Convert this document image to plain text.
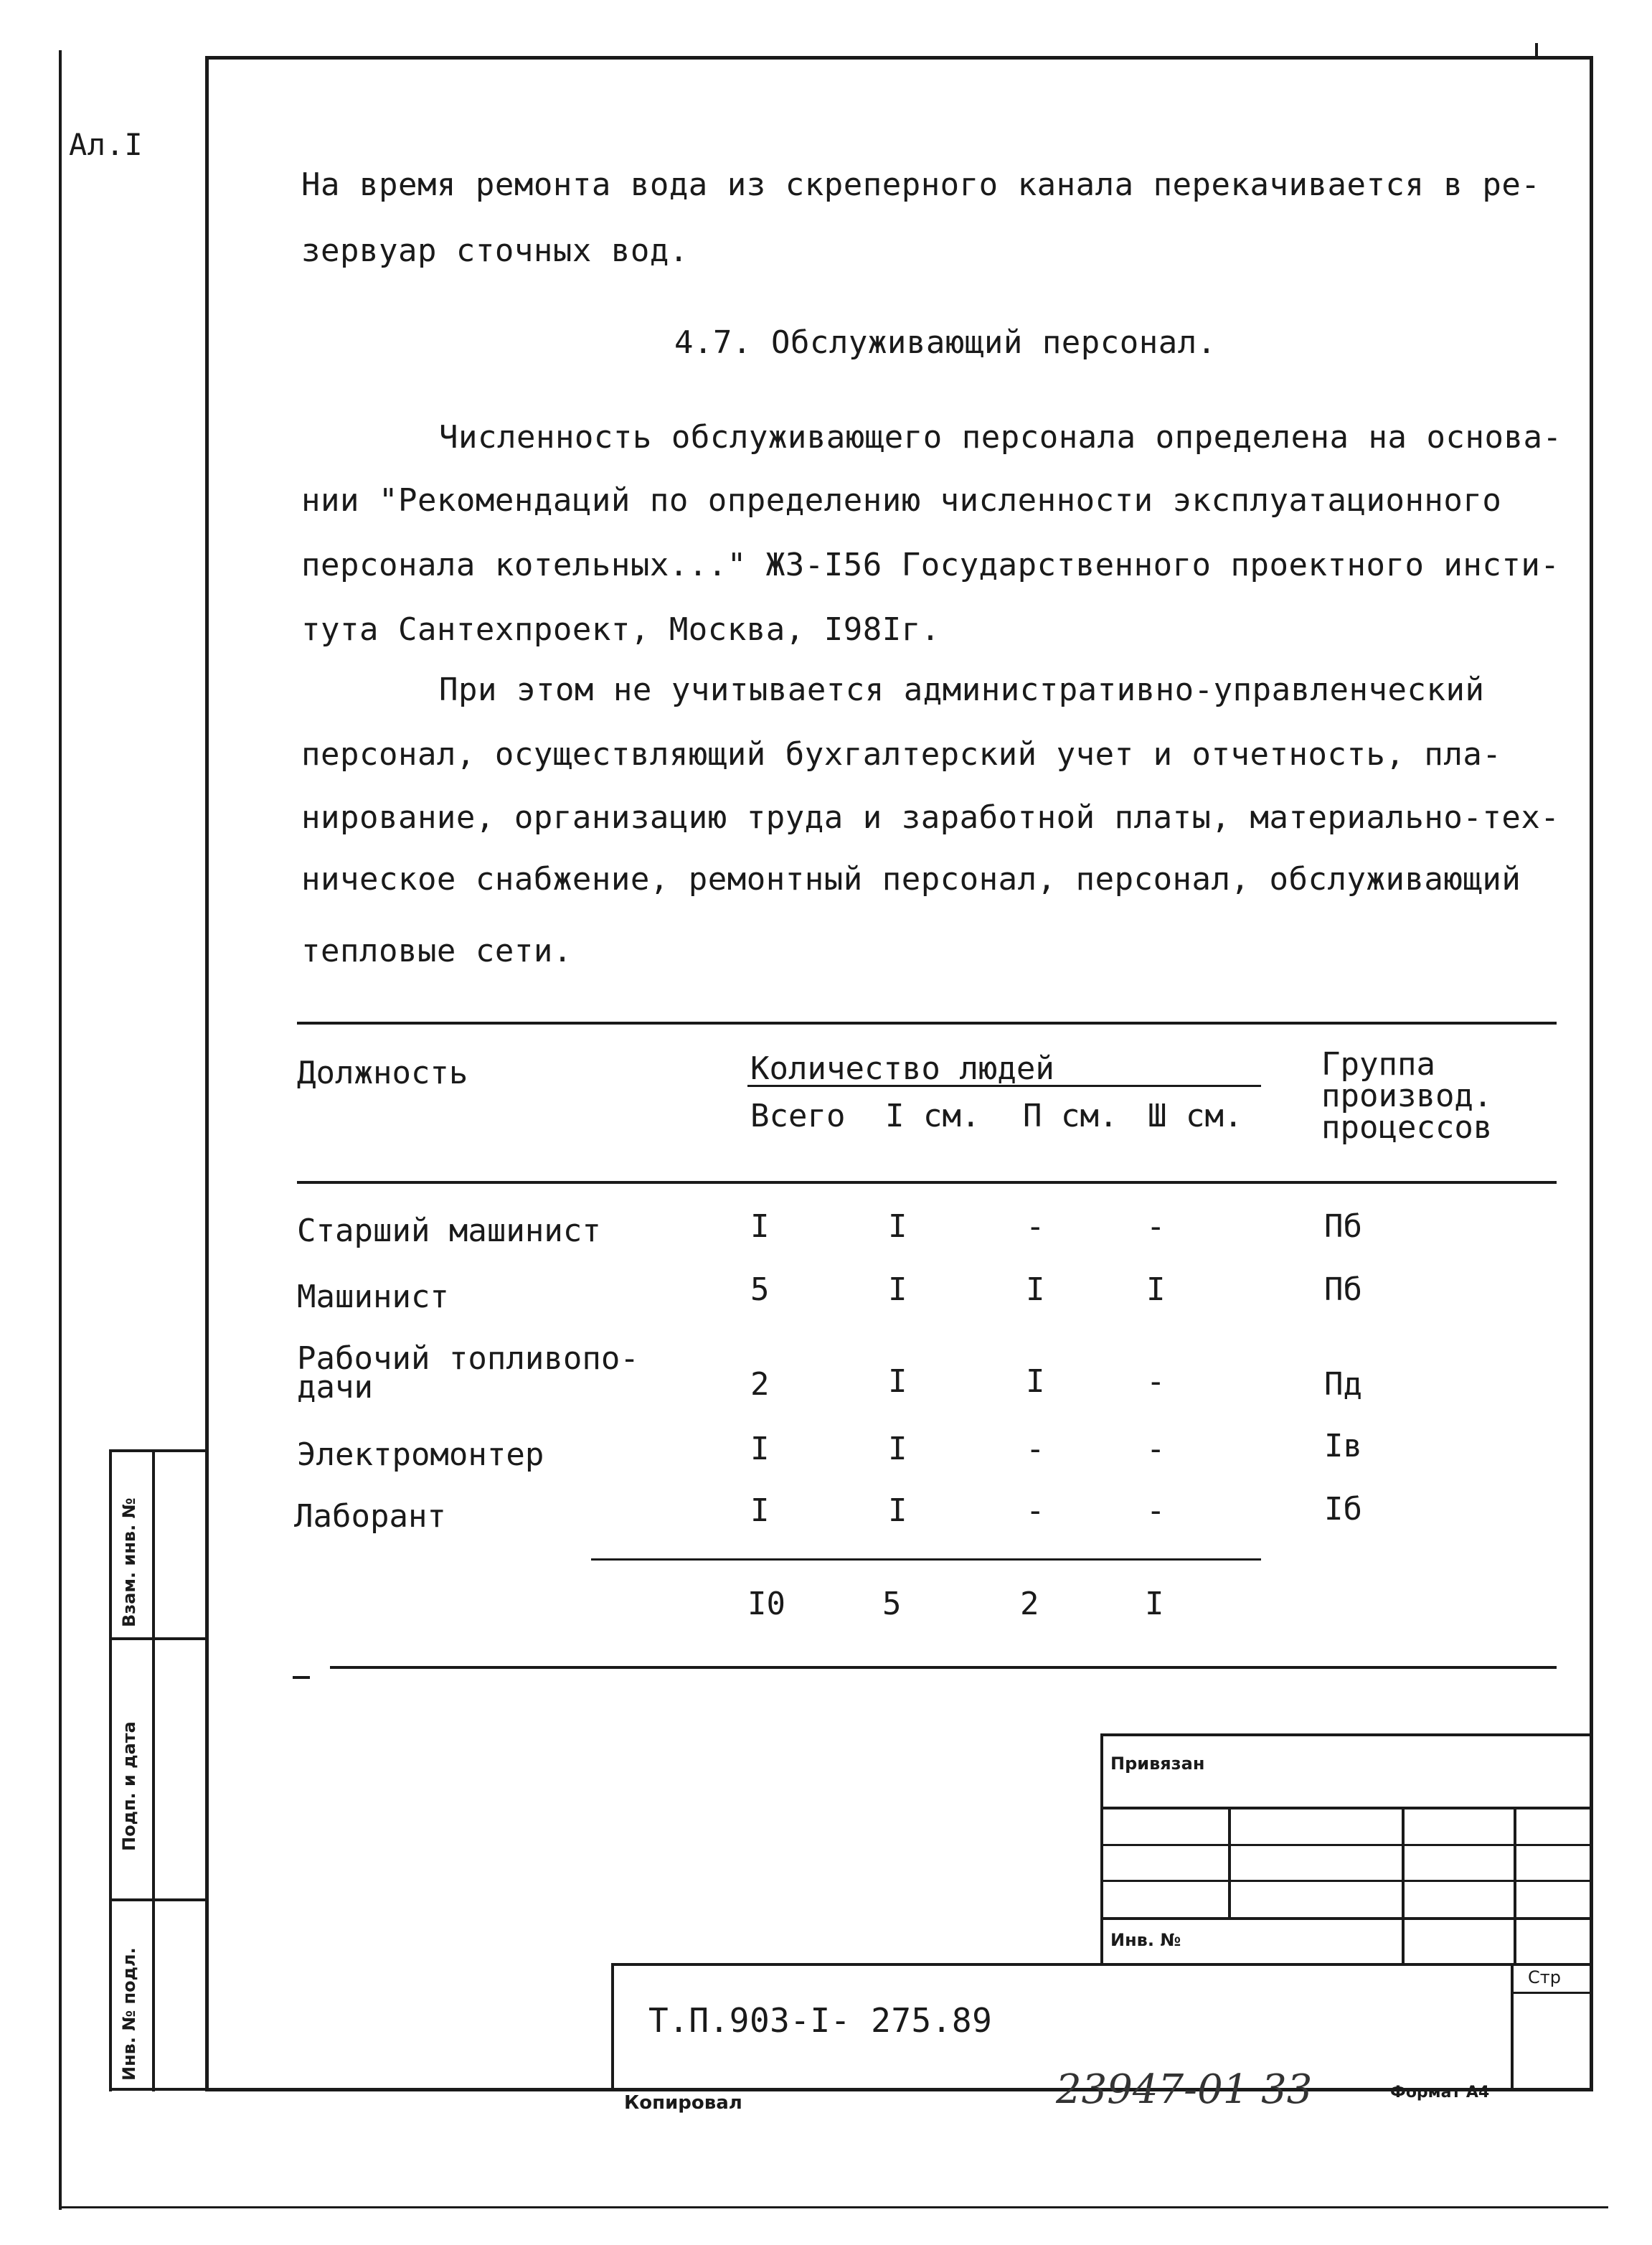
Ал.I
На время ремонта вода из скреперного канала перекачивается в ре-
зервуар сточных вод.
4.7. Обслуживающий персонал.
Численность обслуживающего персонала определена на основа-
нии "Рекомендаций по определению численности эксплуатационного
персонала котельных..." Ж3-I56 Государственного проектного инсти-
тута Сантехпроект, Москва, I98Iг.
При этом не учитывается административно-управленческий
персонал, осуществляющий бухгалтерский учет и отчетность, пла-
нирование, организацию труда и заработной платы, материально-тех-
ническое снабжение, ремонтный персонал, персонал, обслуживающий
тепловые сети.
Должность	Количество людей
Всего I см. П см. Ш см.
Группа
производ.
процессов
Старший машинист	I	I	-	-	Пб
Машинист	5	I	I	I	Пб
Рабочий топливопо-
дачи	2	I	I	-	Пд
Электромонтер	I	I	-	-	Iв
Лаборант	I	I	-	-	Iб
I0	5	2	I
Взам. инв. №
Подп. и дата
Инв. № подл.
Привязан
Инв. №
Стр
Т.П.903-I- 275.89
Копировал	23947-01 33	Формат А4
